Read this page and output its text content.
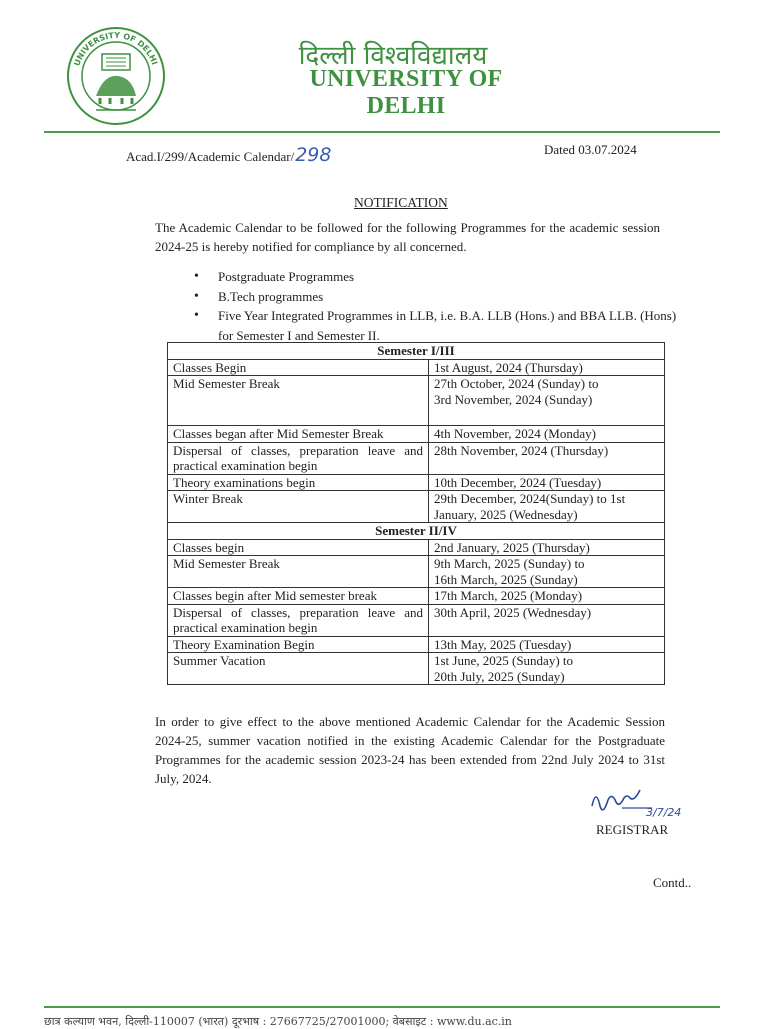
UNIVERSITY OF DELHI	दिल्ली विश्वविद्यालय
UNIVERSITY OF DELHI
Acad.I/299/Academic Calendar/298	Dated 03.07.2024
NOTIFICATION
The Academic Calendar to be followed for the following Programmes for the academic session 2024-25 is hereby notified for compliance by all concerned.
• Postgraduate Programmes
• B.Tech programmes
• Five Year Integrated Programmes in LLB, i.e. B.A. LLB (Hons.) and BBA LLB. (Hons) for Semester I and Semester II.
Semester I/III	
Classes Begin	1st August, 2024 (Thursday)

Mid Semester Break	27th October, 2024 (Sunday) to
3rd November, 2024 (Sunday)

Classes began after Mid Semester Break	4th November, 2024 (Monday)

Dispersal of classes, preparation leave and practical examination begin	28th November, 2024 (Thursday)

Theory examinations begin	10th December, 2024 (Tuesday)

Winter Break	29th December, 2024(Sunday) to 1st
January, 2025 (Wednesday)

Semester II/IV	
Classes begin	2nd January, 2025 (Thursday)

Mid Semester Break	9th March, 2025 (Sunday) to
16th March, 2025 (Sunday)

Classes begin after Mid semester break	17th March, 2025 (Monday)

Dispersal of classes, preparation leave and practical examination begin	30th April, 2025 (Wednesday)

Theory Examination Begin	13th May, 2025 (Tuesday)

Summer Vacation	1st June, 2025 (Sunday) to
20th July, 2025 (Sunday)
In order to give effect to the above mentioned Academic Calendar for the Academic Session 2024-25, summer vacation notified in the existing Academic Calendar for the Postgraduate Programmes for the academic session 2023-24 has been extended from 22nd July 2024 to 31st July, 2024.
3/7/24
REGISTRAR
Contd..
छात्र कल्याण भवन, दिल्ली-110007 (भारत) दूरभाष : 27667725/27001000; वेबसाइट : www.du.ac.in
